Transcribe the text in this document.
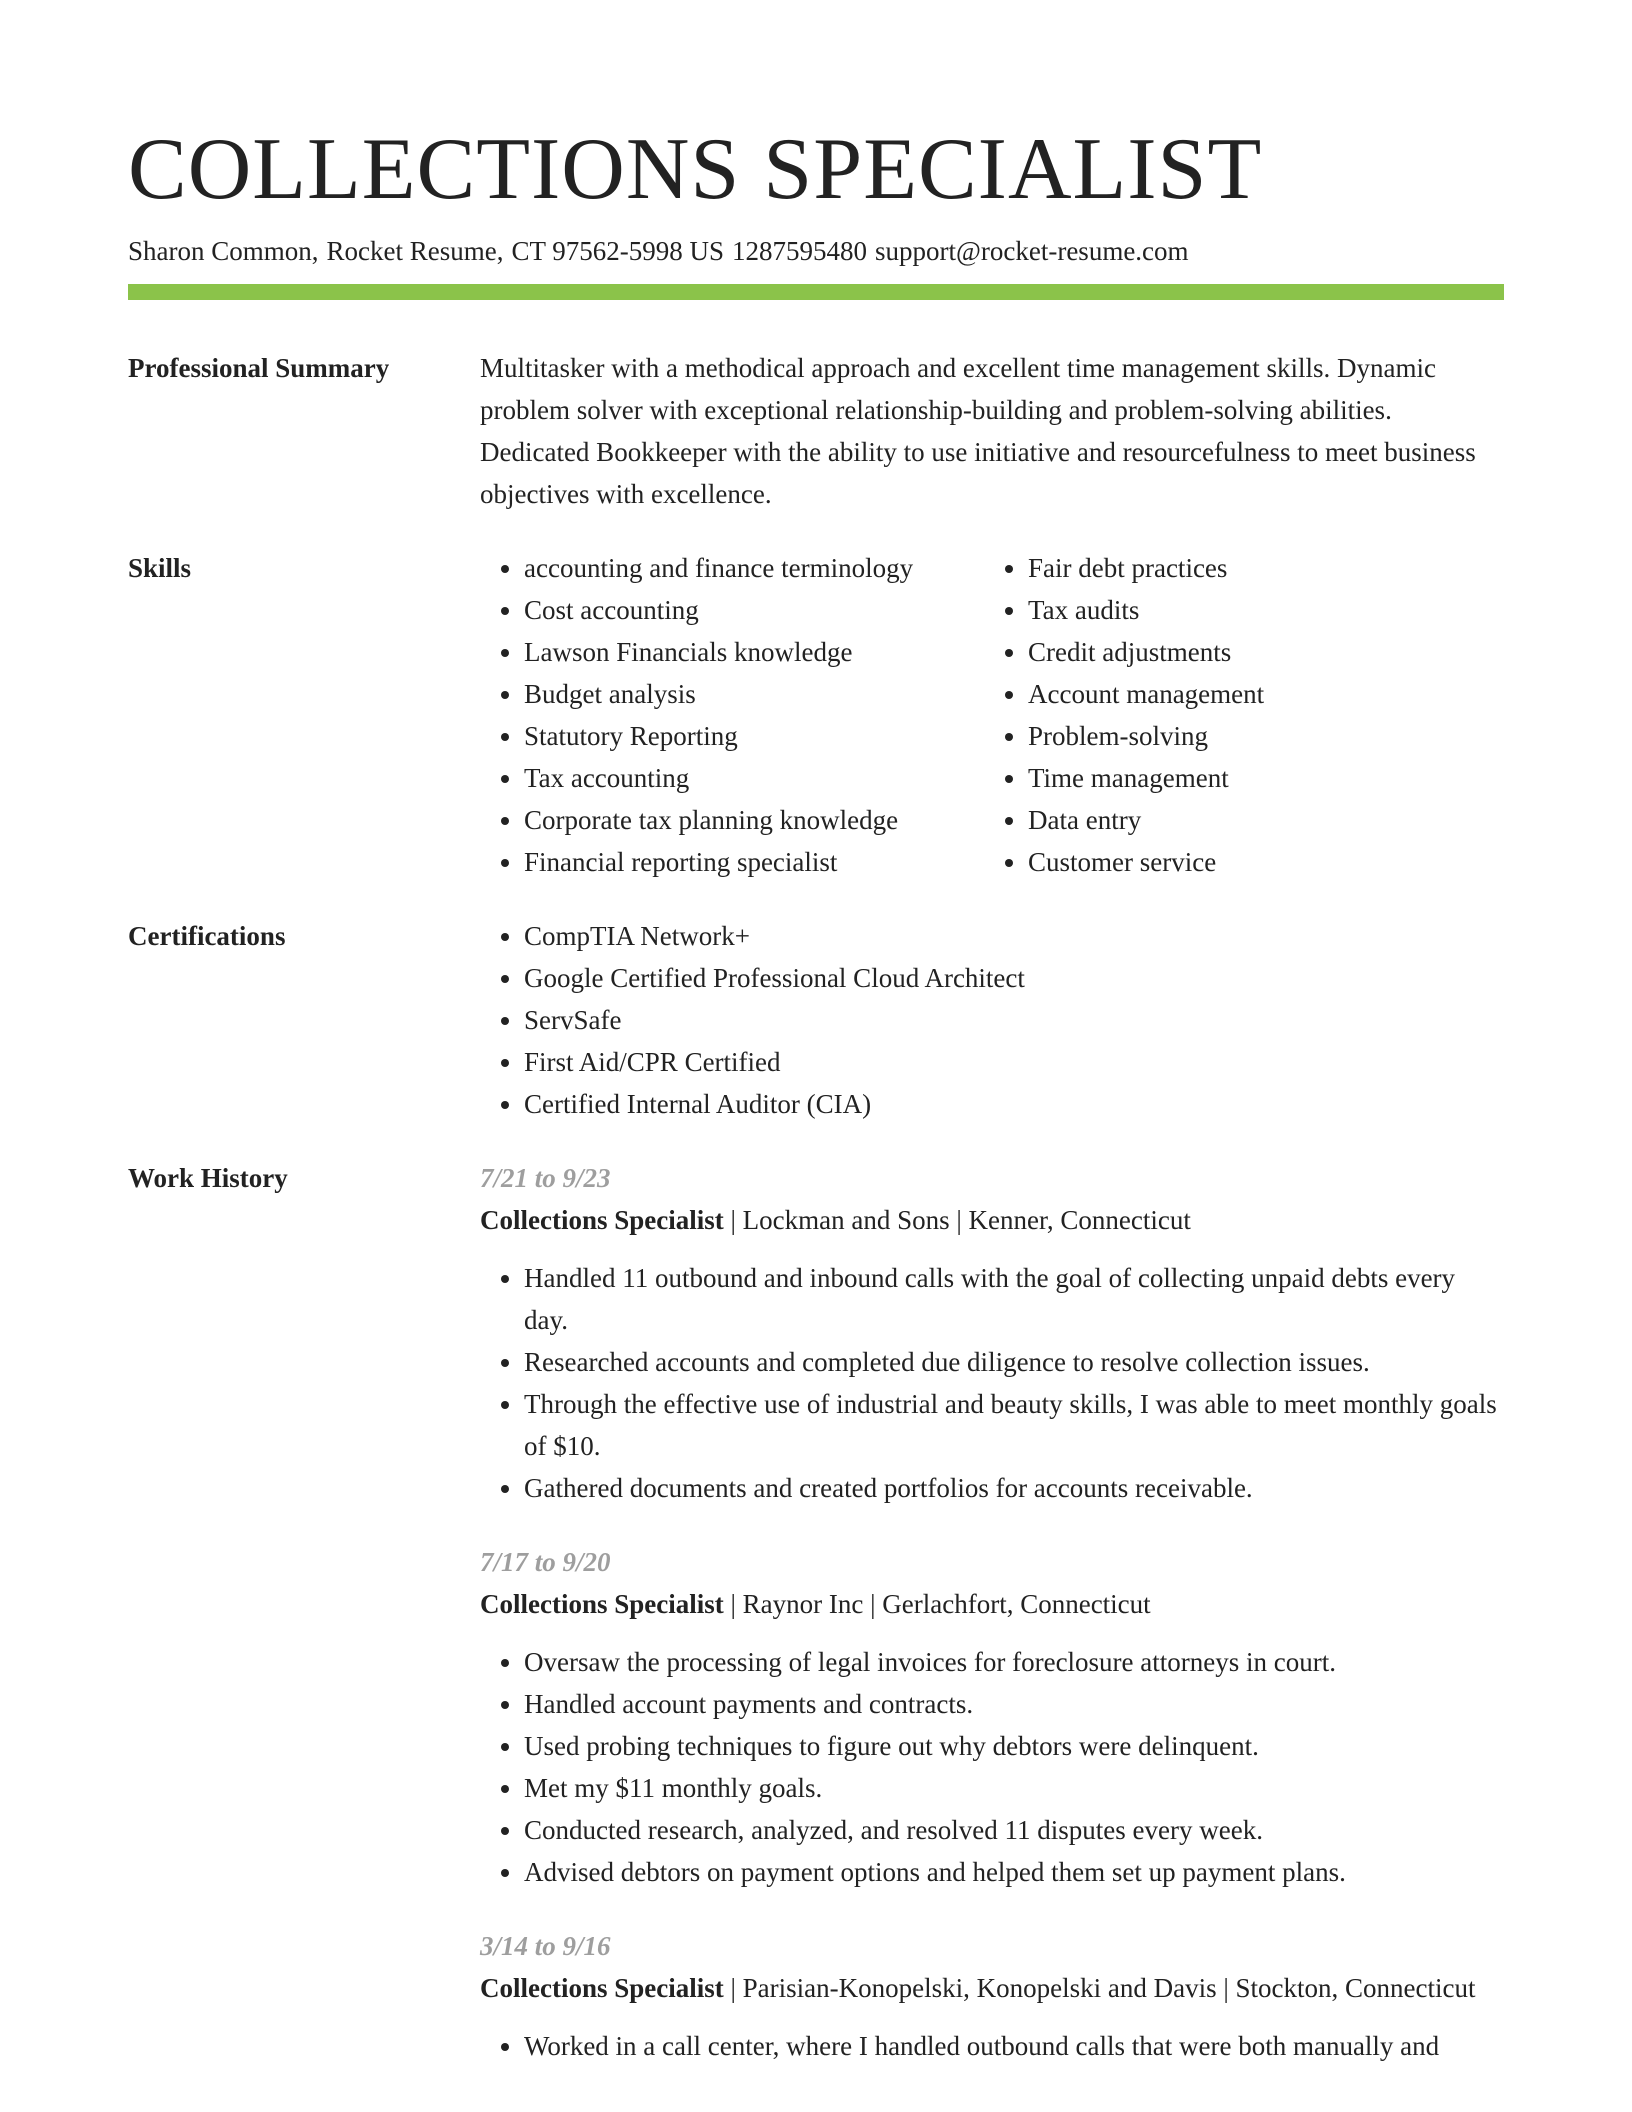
COLLECTIONS SPECIALIST
Sharon Common, Rocket Resume, CT 97562-5998 US 1287595480 support@rocket-resume.com
Professional Summary	Multitasker with a methodical approach and excellent time management skills. Dynamic problem solver with exceptional relationship-building and problem-solving abilities. Dedicated Bookkeeper with the ability to use initiative and resourcefulness to meet business objectives with excellence.
Skills	• accounting and finance terminology
• Cost accounting
• Lawson Financials knowledge
• Budget analysis
• Statutory Reporting
• Tax accounting
• Corporate tax planning knowledge
• Financial reporting specialist
• Fair debt practices
• Tax audits
• Credit adjustments
• Account management
• Problem-solving
• Time management
• Data entry
• Customer service
Certifications	• CompTIA Network+
• Google Certified Professional Cloud Architect
• ServSafe
• First Aid/CPR Certified
• Certified Internal Auditor (CIA)
Work History	7/21 to 9/23
Collections Specialist | Lockman and Sons | Kenner, Connecticut
• Handled 11 outbound and inbound calls with the goal of collecting unpaid debts every day.
• Researched accounts and completed due diligence to resolve collection issues.
• Through the effective use of industrial and beauty skills, I was able to meet monthly goals of $10.
• Gathered documents and created portfolios for accounts receivable.
7/17 to 9/20
Collections Specialist | Raynor Inc | Gerlachfort, Connecticut
• Oversaw the processing of legal invoices for foreclosure attorneys in court.
• Handled account payments and contracts.
• Used probing techniques to figure out why debtors were delinquent.
• Met my $11 monthly goals.
• Conducted research, analyzed, and resolved 11 disputes every week.
• Advised debtors on payment options and helped them set up payment plans.
3/14 to 9/16
Collections Specialist | Parisian-Konopelski, Konopelski and Davis | Stockton, Connecticut
• Worked in a call center, where I handled outbound calls that were both manually and
